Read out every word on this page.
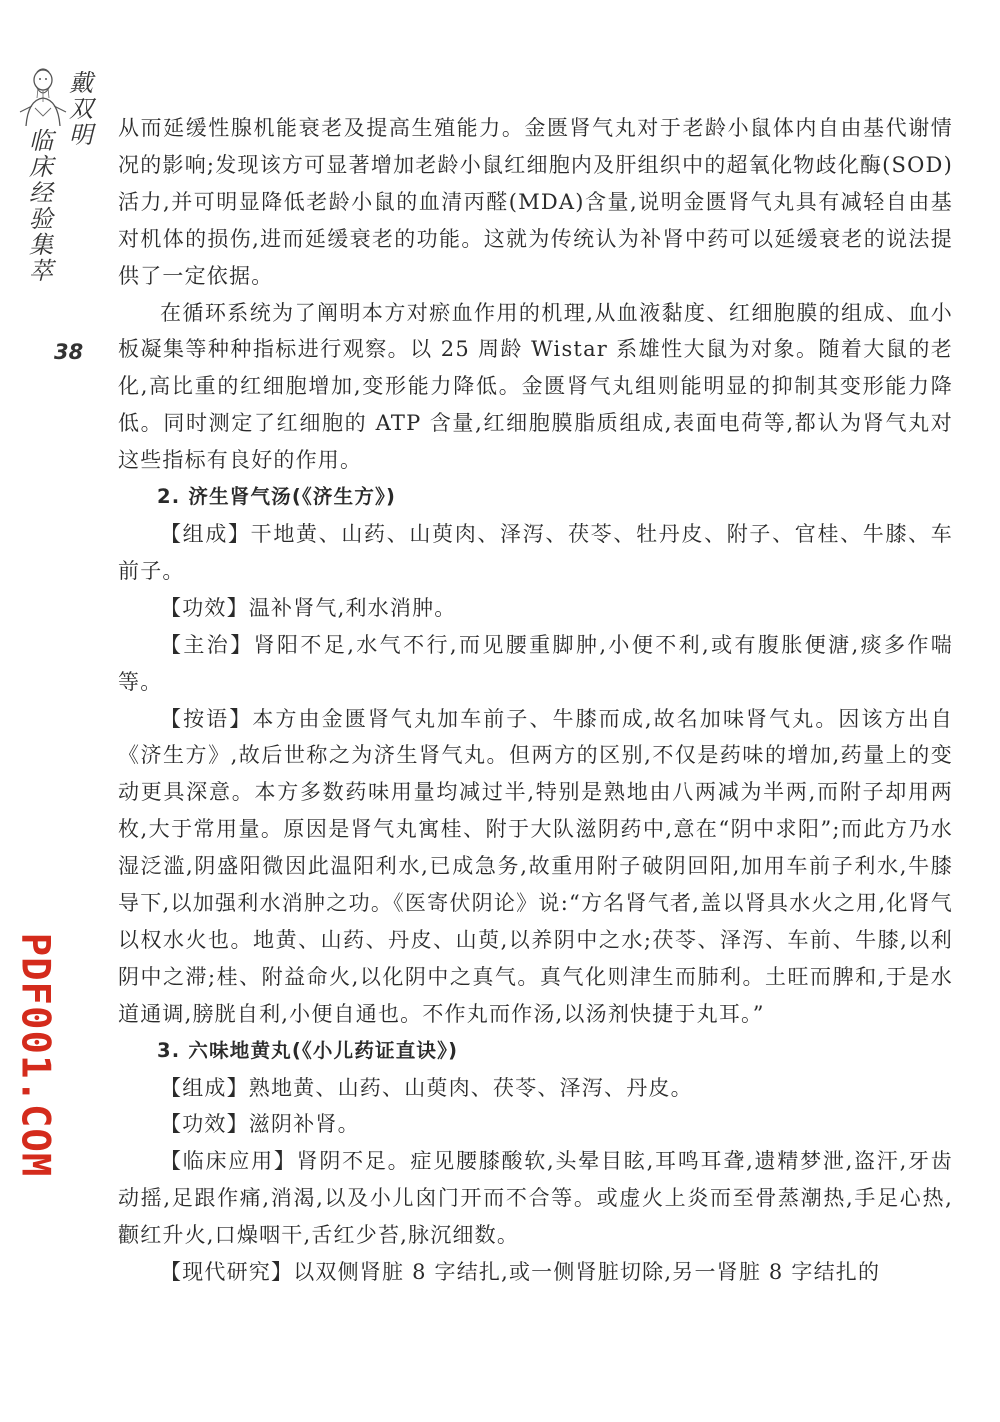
戴双明
临床经验集萃
38
PDF001.COM

从而延缓性腺机能衰老及提高生殖能力。金匮肾气丸对于老龄小鼠体内自由基代谢情况的影响;发现该方可显著增加老龄小鼠红细胞内及肝组织中的超氧化物歧化酶(SOD)活力,并可明显降低老龄小鼠的血清丙醛(MDA)含量,说明金匮肾气丸具有减轻自由基对机体的损伤,进而延缓衰老的功能。这就为传统认为补肾中药可以延缓衰老的说法提供了一定依据。

在循环系统为了阐明本方对瘀血作用的机理,从血液黏度、红细胞膜的组成、血小板凝集等种种指标进行观察。以 25 周龄 Wistar 系雄性大鼠为对象。随着大鼠的老化,高比重的红细胞增加,变形能力降低。金匮肾气丸组则能明显的抑制其变形能力降低。同时测定了红细胞的 ATP 含量,红细胞膜脂质组成,表面电荷等,都认为肾气丸对这些指标有良好的作用。

2. 济生肾气汤(《济生方》)

【组成】干地黄、山药、山萸肉、泽泻、茯苓、牡丹皮、附子、官桂、牛膝、车前子。

【功效】温补肾气,利水消肿。

【主治】肾阳不足,水气不行,而见腰重脚肿,小便不利,或有腹胀便溏,痰多作喘等。

【按语】本方由金匮肾气丸加车前子、牛膝而成,故名加味肾气丸。因该方出自《济生方》,故后世称之为济生肾气丸。但两方的区别,不仅是药味的增加,药量上的变动更具深意。本方多数药味用量均减过半,特别是熟地由八两减为半两,而附子却用两枚,大于常用量。原因是肾气丸寓桂、附于大队滋阴药中,意在“阴中求阳”;而此方乃水湿泛滥,阴盛阳微因此温阳利水,已成急务,故重用附子破阴回阳,加用车前子利水,牛膝导下,以加强利水消肿之功。《医寄伏阴论》说:“方名肾气者,盖以肾具水火之用,化肾气以权水火也。地黄、山药、丹皮、山萸,以养阴中之水;茯苓、泽泻、车前、牛膝,以利阴中之滞;桂、附益命火,以化阴中之真气。真气化则津生而肺利。土旺而脾和,于是水道通调,膀胱自利,小便自通也。不作丸而作汤,以汤剂快捷于丸耳。”

3. 六味地黄丸(《小儿药证直诀》)

【组成】熟地黄、山药、山萸肉、茯苓、泽泻、丹皮。

【功效】滋阴补肾。

【临床应用】肾阴不足。症见腰膝酸软,头晕目眩,耳鸣耳聋,遗精梦泄,盗汗,牙齿动摇,足跟作痛,消渴,以及小儿囟门开而不合等。或虚火上炎而至骨蒸潮热,手足心热,颧红升火,口燥咽干,舌红少苔,脉沉细数。

【现代研究】以双侧肾脏 8 字结扎,或一侧肾脏切除,另一肾脏 8 字结扎的
